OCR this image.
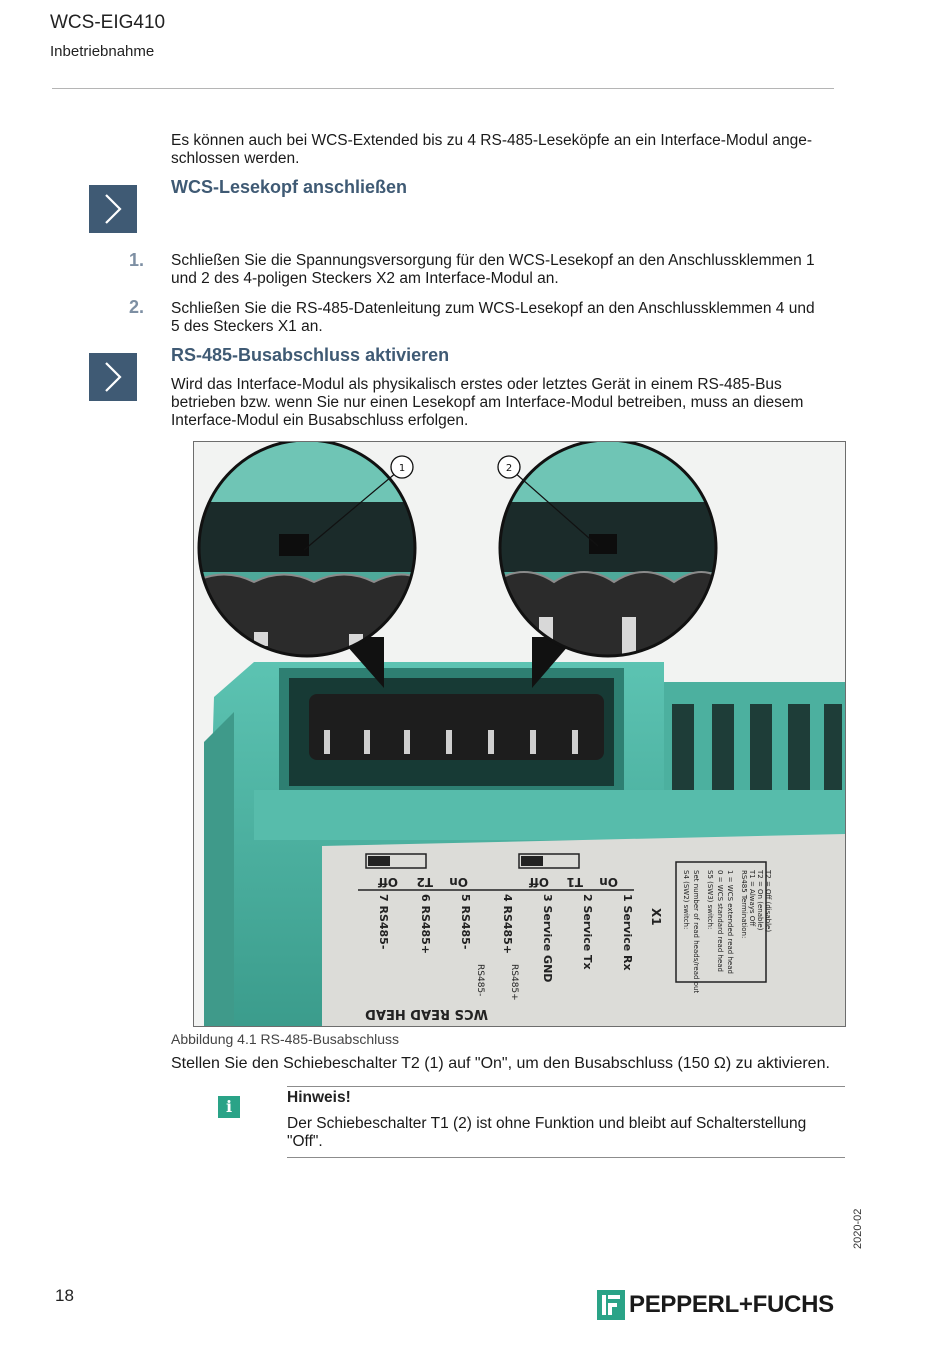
WCS-EIG410
Inbetriebnahme
Es können auch bei WCS-Extended bis zu 4 RS-485-Leseköpfe an ein Interface-Modul ange-
schlossen werden.
WCS-Lesekopf anschließen
1. Schließen Sie die Spannungsversorgung für den WCS-Lesekopf an den Anschlussklemmen 1
und 2 des 4-poligen Steckers X2 am Interface-Modul an.
2. Schließen Sie die RS-485-Datenleitung zum WCS-Lesekopf an den Anschlussklemmen 4 und
5 des Steckers X1 an.
RS-485-Busabschluss aktivieren
Wird das Interface-Modul als physikalisch erstes oder letztes Gerät in einem RS-485-Bus
betrieben bzw. wenn Sie nur einen Lesekopf am Interface-Modul betreiben, muss an diesem
Interface-Modul ein Busabschluss erfolgen.
Off	On	Off	On
T2	T1
X1
7 RS485-	6 RS485+ 5 RS485-	4 RS485+ 3 Service GND 2 Service Tx 1 Service Rx
RS485-	RS485+
WCS READ HEAD
S4 (SW2) switch: Set number of read heads/read out S5 (SW3) switch: 0 = WCS standard read head 1 = WCS extended read head RS485 Termination: T1 = Always Off T2 = On (enable) T2 = Off (disable)
1	2
Abbildung 4.1 RS-485-Busabschluss
Stellen Sie den Schiebeschalter T2 (1) auf "On", um den Busabschluss (150 Ω) zu aktivieren.
i	Hinweis!
Der Schiebeschalter T1 (2) ist ohne Funktion und bleibt auf Schalterstellung
"Off".
2020-02
18	PEPPERL+FUCHS
